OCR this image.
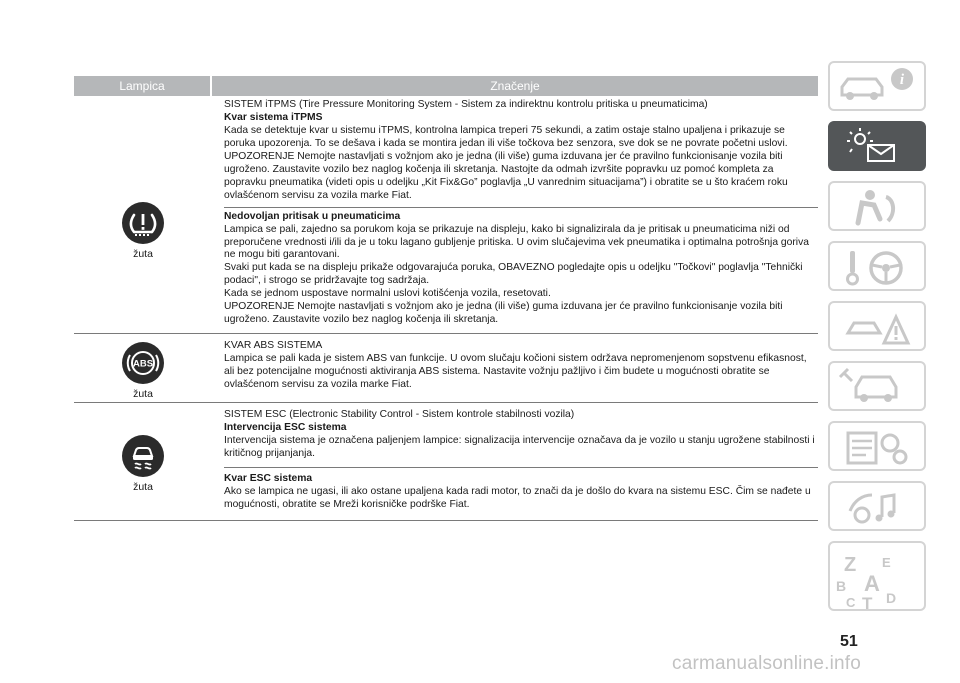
Lampica	Značenje
žuta

SISTEM iTPMS (Tire Pressure Monitoring System - Sistem za indirektnu kontrolu pritiska u pneumaticima)

Kvar sistema iTPMS

Kada se detektuje kvar u sistemu iTPMS, kontrolna lampica treperi 75 sekundi, a zatim ostaje stalno upaljena i prikazuje se poruka upozorenja. To se dešava i kada se montira jedan ili više točkova bez senzora, sve dok se ne povrate početni uslovi.

UPOZORENJE Nemojte nastavljati s vožnjom ako je jedna (ili više) guma izduvana jer će pravilno funkcionisanje vozila biti ugroženo. Zaustavite vozilo bez naglog kočenja ili skretanja. Nastojte da odmah izvršite popravku uz pomoć kompleta za popravku pneumatika (videti opis u odeljku „Kit Fix&Go” poglavlja „U vanrednim situacijama”) i obratite se u što kraćem roku ovlašćenom servisu za vozila marke Fiat.

Nedovoljan pritisak u pneumaticima

Lampica se pali, zajedno sa porukom koja se prikazuje na displeju, kako bi signalizirala da je pritisak u pneumaticima niži od preporučene vrednosti i/ili da je u toku lagano gubljenje pritiska. U ovim slučajevima vek pneumatika i optimalna potrošnja goriva ne mogu biti garantovani.

Svaki put kada se na displeju prikaže odgovarajuća poruka, OBAVEZNO pogledajte opis u odeljku "Točkovi" poglavlja "Tehnički podaci", i strogo se pridržavajte tog sadržaja.

Kada se jednom uspostave normalni uslovi kotišćenja vozila, resetovati.

UPOZORENJE Nemojte nastavljati s vožnjom ako je jedna (ili više) guma izduvana jer će pravilno funkcionisanje vozila biti ugroženo. Zaustavite vozilo bez naglog kočenja ili skretanja.

ABS
žuta

KVAR ABS SISTEMA

Lampica se pali kada je sistem ABS van funkcije. U ovom slučaju kočioni sistem održava nepromenjenom sopstvenu efikasnost, ali bez potencijalne mogućnosti aktiviranja ABS sistema. Nastavite vožnju pažljivo i čim budete u mogućnosti obratite se ovlašćenom servisu za vozila marke Fiat.

žuta

SISTEM ESC (Electronic Stability Control - Sistem kontrole stabilnosti vozila)

Intervencija ESC sistema

Intervencija sistema je označena paljenjem lampice: signalizacija intervencije označava da je vozilo u stanju ugrožene stabilnosti i kritičnog prijanjanja.

Kvar ESC sistema

Ako se lampica ne ugasi, ili ako ostane upaljena kada radi motor, to znači da je došlo do kvara na sistemu ESC. Čim se nađete u mogućnosti, obratite se Mreži korisničke podrške Fiat.

i
Z E
B A
C T D
51
carmanualsonline.info
